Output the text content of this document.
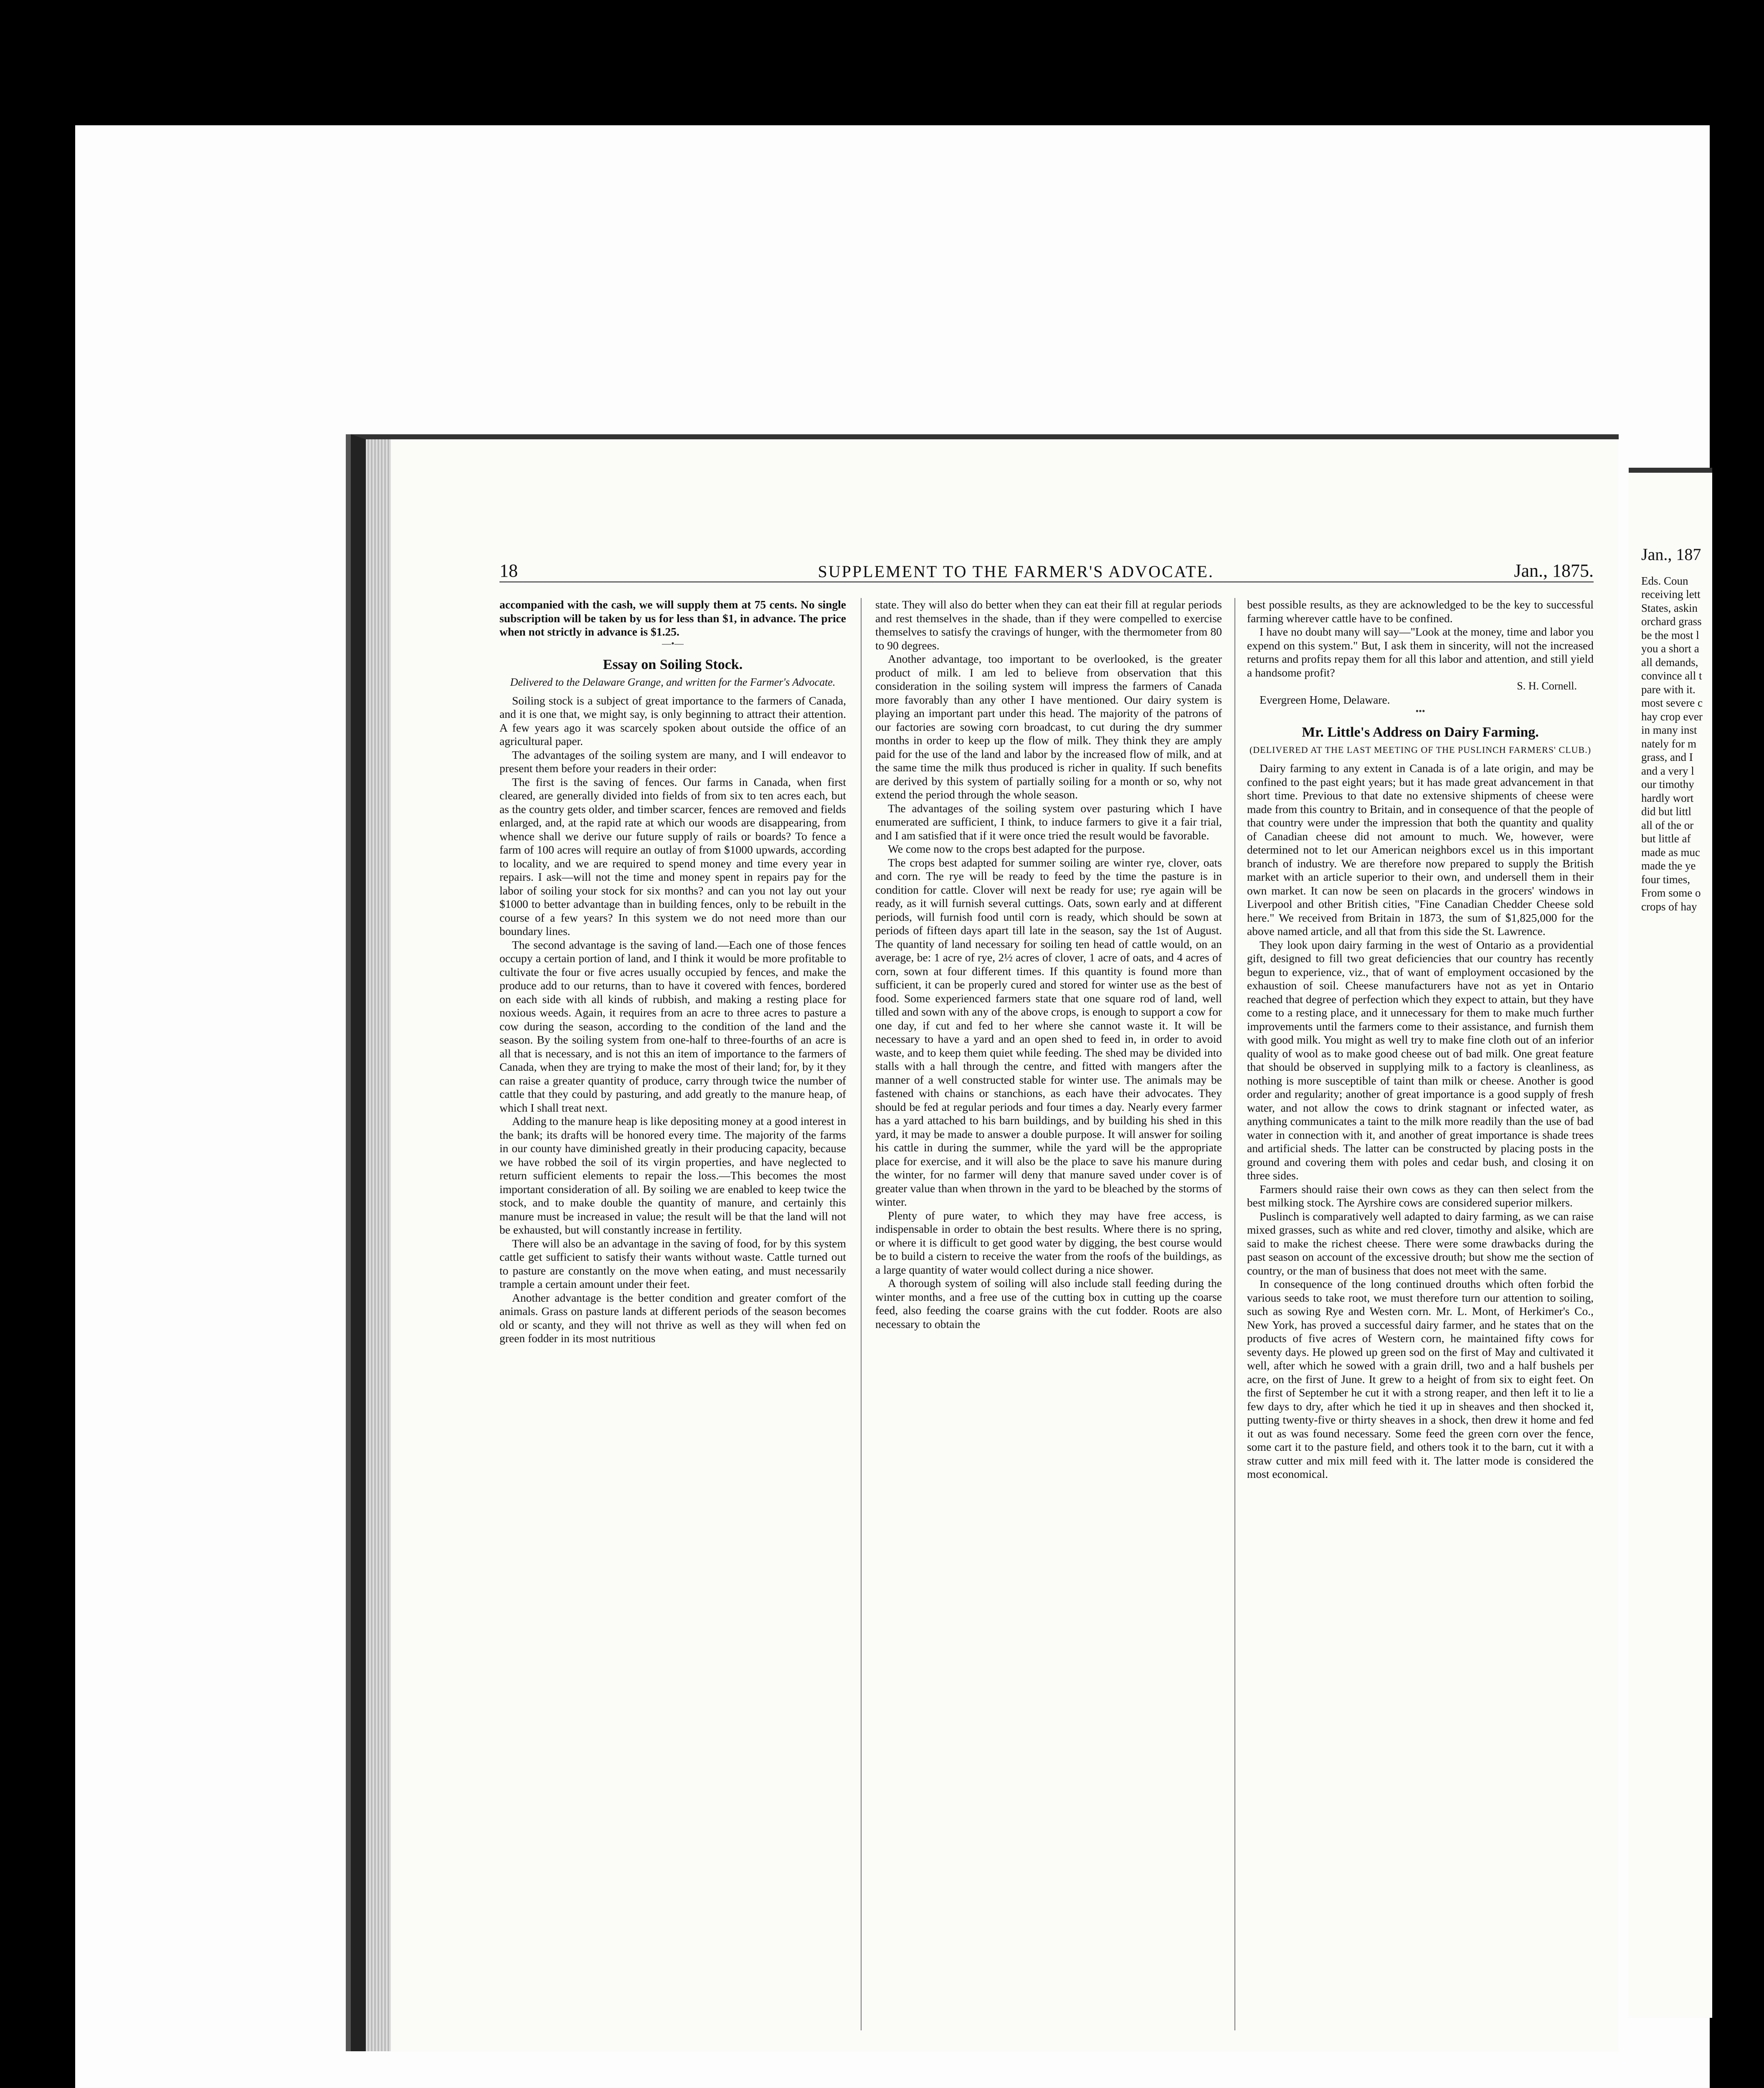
18	SUPPLEMENT TO THE FARMER'S ADVOCATE.	Jan., 1875.

accompanied with the cash, we will supply them at 75 cents. No single subscription will be taken by us for less than $1, in advance. The price when not strictly in advance is $1.25.

—•—
Essay on Soiling Stock.
Delivered to the Delaware Grange, and written for the Farmer's Advocate.

Soiling stock is a subject of great importance to the farmers of Canada, and it is one that, we might say, is only beginning to attract their attention. A few years ago it was scarcely spoken about outside the office of an agricultural paper.

The advantages of the soiling system are many, and I will endeavor to present them before your readers in their order:

The first is the saving of fences. Our farms in Canada, when first cleared, are generally divided into fields of from six to ten acres each, but as the country gets older, and timber scarcer, fences are removed and fields enlarged, and, at the rapid rate at which our woods are disappearing, from whence shall we derive our future supply of rails or boards? To fence a farm of 100 acres will require an outlay of from $1000 upwards, according to locality, and we are required to spend money and time every year in repairs. I ask—will not the time and money spent in repairs pay for the labor of soiling your stock for six months? and can you not lay out your $1000 to better advantage than in building fences, only to be rebuilt in the course of a few years? In this system we do not need more than our boundary lines.

The second advantage is the saving of land.—Each one of those fences occupy a certain portion of land, and I think it would be more profitable to cultivate the four or five acres usually occupied by fences, and make the produce add to our returns, than to have it covered with fences, bordered on each side with all kinds of rubbish, and making a resting place for noxious weeds. Again, it requires from an acre to three acres to pasture a cow during the season, according to the condition of the land and the season. By the soiling system from one-half to three-fourths of an acre is all that is necessary, and is not this an item of importance to the farmers of Canada, when they are trying to make the most of their land; for, by it they can raise a greater quantity of produce, carry through twice the number of cattle that they could by pasturing, and add greatly to the manure heap, of which I shall treat next.

Adding to the manure heap is like depositing money at a good interest in the bank; its drafts will be honored every time. The majority of the farms in our county have diminished greatly in their producing capacity, because we have robbed the soil of its virgin properties, and have neglected to return sufficient elements to repair the loss.—This becomes the most important consideration of all. By soiling we are enabled to keep twice the stock, and to make double the quantity of manure, and certainly this manure must be increased in value; the result will be that the land will not be exhausted, but will constantly increase in fertility.

There will also be an advantage in the saving of food, for by this system cattle get sufficient to satisfy their wants without waste. Cattle turned out to pasture are constantly on the move when eating, and must necessarily trample a certain amount under their feet.

Another advantage is the better condition and greater comfort of the animals. Grass on pasture lands at different periods of the season becomes old or scanty, and they will not thrive as well as they will when fed on green fodder in its most nutritious

state. They will also do better when they can eat their fill at regular periods and rest themselves in the shade, than if they were compelled to exercise themselves to satisfy the cravings of hunger, with the thermometer from 80 to 90 degrees.

Another advantage, too important to be overlooked, is the greater product of milk. I am led to believe from observation that this consideration in the soiling system will impress the farmers of Canada more favorably than any other I have mentioned. Our dairy system is playing an important part under this head. The majority of the patrons of our factories are sowing corn broadcast, to cut during the dry summer months in order to keep up the flow of milk. They think they are amply paid for the use of the land and labor by the increased flow of milk, and at the same time the milk thus produced is richer in quality. If such benefits are derived by this system of partially soiling for a month or so, why not extend the period through the whole season.

The advantages of the soiling system over pasturing which I have enumerated are sufficient, I think, to induce farmers to give it a fair trial, and I am satisfied that if it were once tried the result would be favorable.

We come now to the crops best adapted for the purpose.

The crops best adapted for summer soiling are winter rye, clover, oats and corn. The rye will be ready to feed by the time the pasture is in condition for cattle. Clover will next be ready for use; rye again will be ready, as it will furnish several cuttings. Oats, sown early and at different periods, will furnish food until corn is ready, which should be sown at periods of fifteen days apart till late in the season, say the 1st of August. The quantity of land necessary for soiling ten head of cattle would, on an average, be: 1 acre of rye, 2½ acres of clover, 1 acre of oats, and 4 acres of corn, sown at four different times. If this quantity is found more than sufficient, it can be properly cured and stored for winter use as the best of food. Some experienced farmers state that one square rod of land, well tilled and sown with any of the above crops, is enough to support a cow for one day, if cut and fed to her where she cannot waste it. It will be necessary to have a yard and an open shed to feed in, in order to avoid waste, and to keep them quiet while feeding. The shed may be divided into stalls with a hall through the centre, and fitted with mangers after the manner of a well constructed stable for winter use. The animals may be fastened with chains or stanchions, as each have their advocates. They should be fed at regular periods and four times a day. Nearly every farmer has a yard attached to his barn buildings, and by building his shed in this yard, it may be made to answer a double purpose. It will answer for soiling his cattle in during the summer, while the yard will be the appropriate place for exercise, and it will also be the place to save his manure during the winter, for no farmer will deny that manure saved under cover is of greater value than when thrown in the yard to be bleached by the storms of winter.

Plenty of pure water, to which they may have free access, is indispensable in order to obtain the best results. Where there is no spring, or where it is difficult to get good water by digging, the best course would be to build a cistern to receive the water from the roofs of the buildings, as a large quantity of water would collect during a nice shower.

A thorough system of soiling will also include stall feeding during the winter months, and a free use of the cutting box in cutting up the coarse feed, also feeding the coarse grains with the cut fodder. Roots are also necessary to obtain the

best possible results, as they are acknowledged to be the key to successful farming wherever cattle have to be confined.

I have no doubt many will say—"Look at the money, time and labor you expend on this system." But, I ask them in sincerity, will not the increased returns and profits repay them for all this labor and attention, and still yield a handsome profit?

S. H. Cornell.
Evergreen Home, Delaware.
•••
Mr. Little's Address on Dairy Farming.
(DELIVERED AT THE LAST MEETING OF THE PUSLINCH FARMERS' CLUB.)

Dairy farming to any extent in Canada is of a late origin, and may be confined to the past eight years; but it has made great advancement in that short time. Previous to that date no extensive shipments of cheese were made from this country to Britain, and in consequence of that the people of that country were under the impression that both the quantity and quality of Canadian cheese did not amount to much. We, however, were determined not to let our American neighbors excel us in this important branch of industry. We are therefore now prepared to supply the British market with an article superior to their own, and undersell them in their own market. It can now be seen on placards in the grocers' windows in Liverpool and other British cities, "Fine Canadian Chedder Cheese sold here." We received from Britain in 1873, the sum of $1,825,000 for the above named article, and all that from this side the St. Lawrence.

They look upon dairy farming in the west of Ontario as a providential gift, designed to fill two great deficiencies that our country has recently begun to experience, viz., that of want of employment occasioned by the exhaustion of soil. Cheese manufacturers have not as yet in Ontario reached that degree of perfection which they expect to attain, but they have come to a resting place, and it unnecessary for them to make much further improvements until the farmers come to their assistance, and furnish them with good milk. You might as well try to make fine cloth out of an inferior quality of wool as to make good cheese out of bad milk. One great feature that should be observed in supplying milk to a factory is cleanliness, as nothing is more susceptible of taint than milk or cheese. Another is good order and regularity; another of great importance is a good supply of fresh water, and not allow the cows to drink stagnant or infected water, as anything communicates a taint to the milk more readily than the use of bad water in connection with it, and another of great importance is shade trees and artificial sheds. The latter can be constructed by placing posts in the ground and covering them with poles and cedar bush, and closing it on three sides.

Farmers should raise their own cows as they can then select from the best milking stock. The Ayrshire cows are considered superior milkers.

Puslinch is comparatively well adapted to dairy farming, as we can raise mixed grasses, such as white and red clover, timothy and alsike, which are said to make the richest cheese. There were some drawbacks during the past season on account of the excessive drouth; but show me the section of country, or the man of business that does not meet with the same.

In consequence of the long continued drouths which often forbid the various seeds to take root, we must therefore turn our attention to soiling, such as sowing Rye and Westen corn. Mr. L. Mont, of Herkimer's Co., New York, has proved a successful dairy farmer, and he states that on the products of five acres of Western corn, he maintained fifty cows for seventy days. He plowed up green sod on the first of May and cultivated it well, after which he sowed with a grain drill, two and a half bushels per acre, on the first of June. It grew to a height of from six to eight feet. On the first of September he cut it with a strong reaper, and then left it to lie a few days to dry, after which he tied it up in sheaves and then shocked it, putting twenty-five or thirty sheaves in a shock, then drew it home and fed it out as was found necessary. Some feed the green corn over the fence, some cart it to the pasture field, and others took it to the barn, cut it with a straw cutter and mix mill feed with it. The latter mode is considered the most economical.

Jan., 187
Eds. Coun
receiving lett
States, askin
orchard grass
be the most l
you a short a
all demands,
convince all t
pare with it.
most severe c
hay crop ever
in many inst
nately for m
grass, and I
and a very l
our timothy
hardly wort
did but littl
all of the or
but little af
made as muc
made the ye
four times,
From some o
crops of hay
